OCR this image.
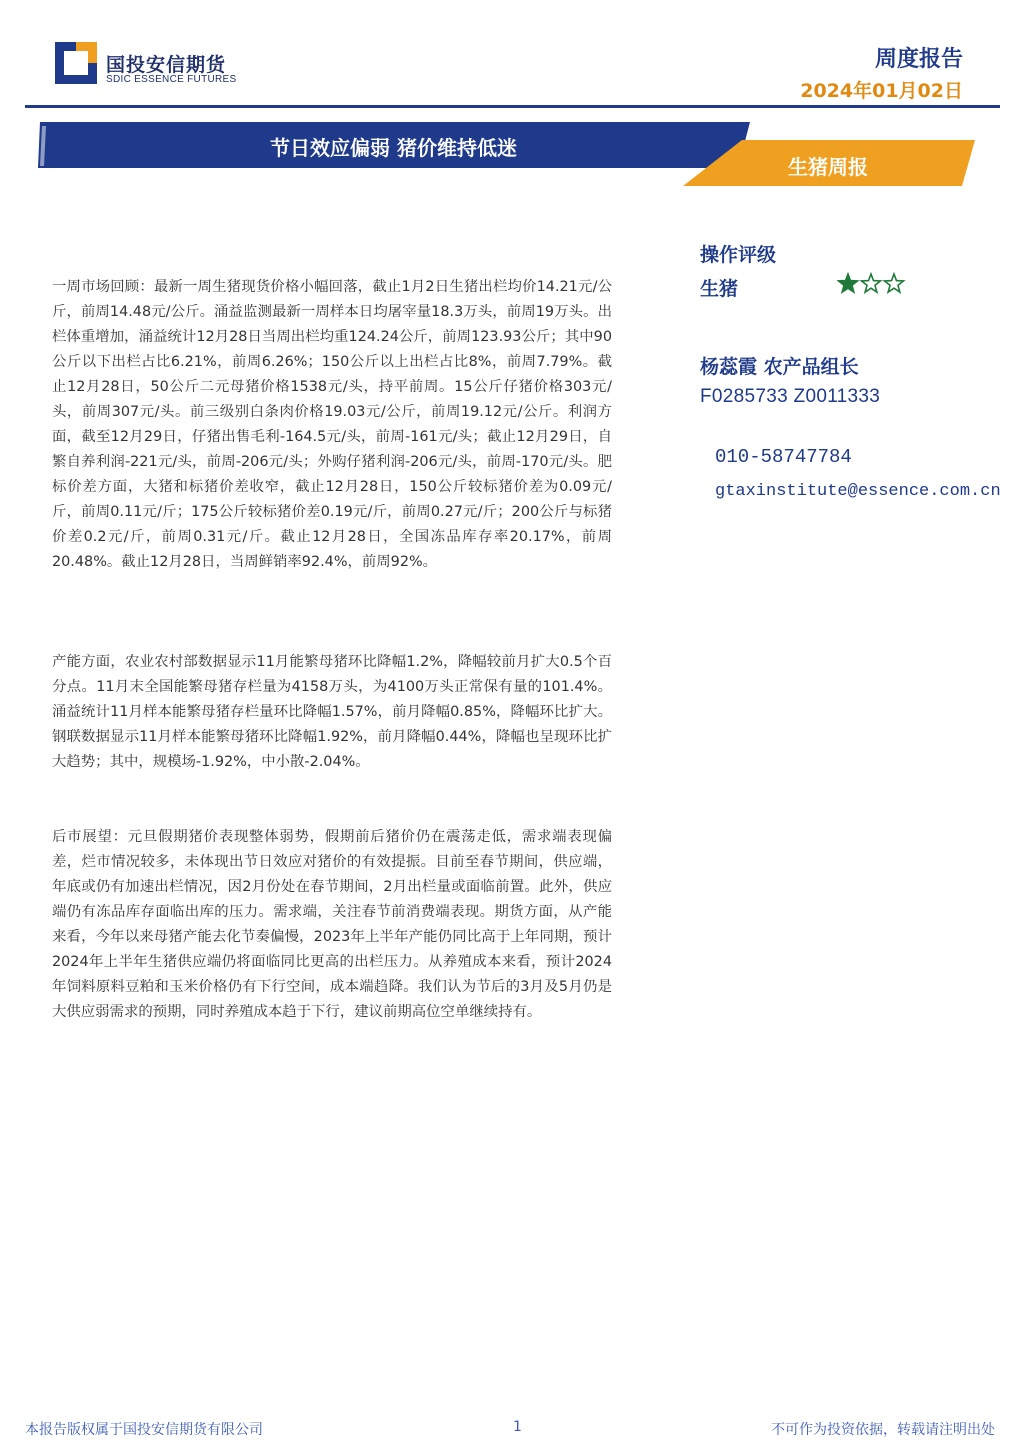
国投安信期货
SDIC ESSENCE FUTURES
周度报告
2024年01月02日
节日效应偏弱 猪价维持低迷
生猪周报

一周市场回顾：最新一周生猪现货价格小幅回落，截止1月2日生猪出栏均价14.21元/公斤，前周14.48元/公斤。涌益监测最新一周样本日均屠宰量18.3万头，前周19万头。出栏体重增加，涌益统计12月28日当周出栏均重124.24公斤，前周123.93公斤；其中90公斤以下出栏占比6.21%，前周6.26%；150公斤以上出栏占比8%，前周7.79%。截止12月28日，50公斤二元母猪价格1538元/头，持平前周。15公斤仔猪价格303元/头，前周307元/头。前三级别白条肉价格19.03元/公斤，前周19.12元/公斤。利润方面，截至12月29日，仔猪出售毛利-164.5元/头，前周-161元/头；截止12月29日，自繁自养利润-221元/头，前周-206元/头；外购仔猪利润-206元/头，前周-170元/头。肥标价差方面，大猪和标猪价差收窄，截止12月28日，150公斤较标猪价差为0.09元/斤，前周0.11元/斤；175公斤较标猪价差0.19元/斤，前周0.27元/斤；200公斤与标猪价差0.2元/斤，前周0.31元/斤。截止12月28日，全国冻品库存率20.17%，前周20.48%。截止12月28日，当周鲜销率92.4%，前周92%。

产能方面，农业农村部数据显示11月能繁母猪环比降幅1.2%，降幅较前月扩大0.5个百分点。11月末全国能繁母猪存栏量为4158万头，为4100万头正常保有量的101.4%。涌益统计11月样本能繁母猪存栏量环比降幅1.57%，前月降幅0.85%，降幅环比扩大。钢联数据显示11月样本能繁母猪环比降幅1.92%，前月降幅0.44%，降幅也呈现环比扩大趋势；其中，规模场-1.92%，中小散-2.04%。

后市展望：元旦假期猪价表现整体弱势，假期前后猪价仍在震荡走低，需求端表现偏差，烂市情况较多，未体现出节日效应对猪价的有效提振。目前至春节期间，供应端，年底或仍有加速出栏情况，因2月份处在春节期间，2月出栏量或面临前置。此外，供应端仍有冻品库存面临出库的压力。需求端，关注春节前消费端表现。期货方面，从产能来看，今年以来母猪产能去化节奏偏慢，2023年上半年产能仍同比高于上年同期，预计2024年上半年生猪供应端仍将面临同比更高的出栏压力。从养殖成本来看，预计2024年饲料原料豆粕和玉米价格仍有下行空间，成本端趋降。我们认为节后的3月及5月仍是大供应弱需求的预期，同时养殖成本趋于下行，建议前期高位空单继续持有。

操作评级
生猪
杨蕊霞 农产品组长
F0285733 Z0011333
010-58747784
gtaxinstitute@essence.com.cn
本报告版权属于国投安信期货有限公司	1	不可作为投资依据，转载请注明出处
